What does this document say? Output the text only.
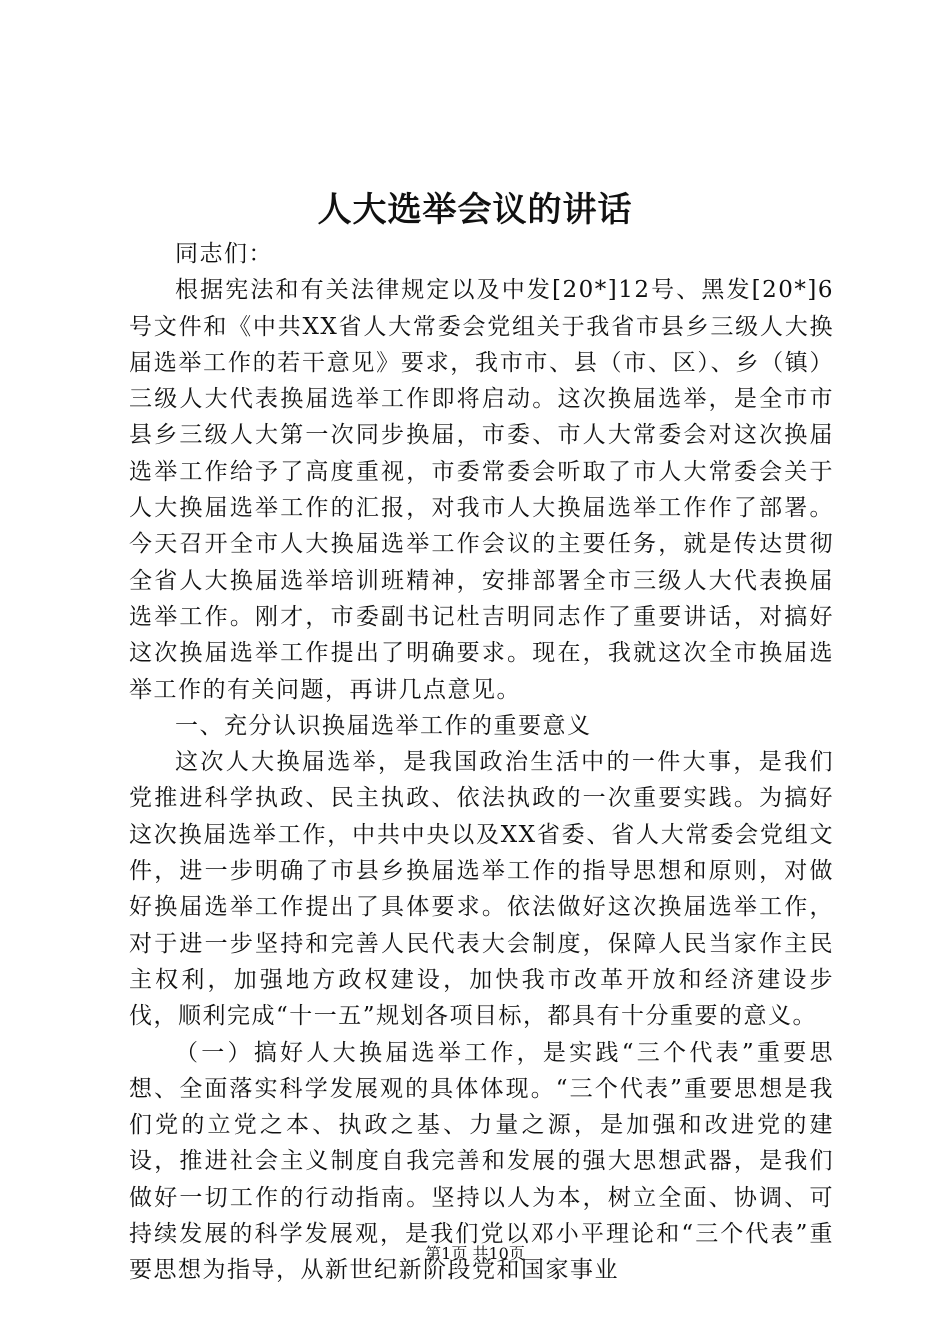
人大选举会议的讲话

同志们：

根据宪法和有关法律规定以及中发[20*]12号、黑发[20*]6号文件和《中共XX省人大常委会党组关于我省市县乡三级人大换届选举工作的若干意见》要求，我市市、县（市、区）、乡（镇）三级人大代表换届选举工作即将启动。这次换届选举，是全市市县乡三级人大第一次同步换届，市委、市人大常委会对这次换届选举工作给予了高度重视，市委常委会听取了市人大常委会关于人大换届选举工作的汇报，对我市人大换届选举工作作了部署。今天召开全市人大换届选举工作会议的主要任务，就是传达贯彻全省人大换届选举培训班精神，安排部署全市三级人大代表换届选举工作。刚才，市委副书记杜吉明同志作了重要讲话，对搞好这次换届选举工作提出了明确要求。现在，我就这次全市换届选举工作的有关问题，再讲几点意见。

一、充分认识换届选举工作的重要意义

这次人大换届选举，是我国政治生活中的一件大事，是我们党推进科学执政、民主执政、依法执政的一次重要实践。为搞好这次换届选举工作，中共中央以及XX省委、省人大常委会党组文件，进一步明确了市县乡换届选举工作的指导思想和原则，对做好换届选举工作提出了具体要求。依法做好这次换届选举工作，对于进一步坚持和完善人民代表大会制度，保障人民当家作主民主权利，加强地方政权建设，加快我市改革开放和经济建设步伐，顺利完成“十一五”规划各项目标，都具有十分重要的意义。

（一）搞好人大换届选举工作，是实践“三个代表”重要思想、全面落实科学发展观的具体体现。“三个代表”重要思想是我们党的立党之本、执政之基、力量之源，是加强和改进党的建设，推进社会主义制度自我完善和发展的强大思想武器，是我们做好一切工作的行动指南。坚持以人为本，树立全面、协调、可持续发展的科学发展观，是我们党以邓小平理论和“三个代表”重要思想为指导，从新世纪新阶段党和国家事业

第1页 共10页
